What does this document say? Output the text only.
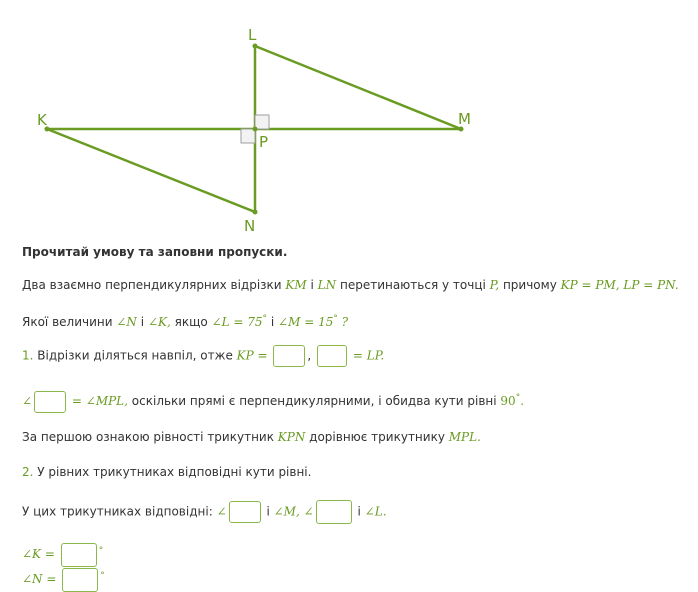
K
L
M
N
P
Прочитай умову та заповни пропуски.
Два взаємно перпендикулярних відрізки KM і LN перетинаються у точці P, причому KP = PM, LP = PN.
Якої величини ∠N і ∠K, якщо ∠L = 75° і ∠M = 15° ?
1. Відрізки діляться навпіл, отже KP =	,	= LP.
∠	= ∠MPL, оскільки прямі є перпендикулярними, і обидва кути рівні 90°.
За першою ознакою рівності трикутник KPN дорівнює трикутнику MPL.
2. У рівних трикутниках відповідні кути рівні.
У цих трикутниках відповідні: ∠	і ∠M, ∠	і ∠L.
∠K =	°
∠N =	°
